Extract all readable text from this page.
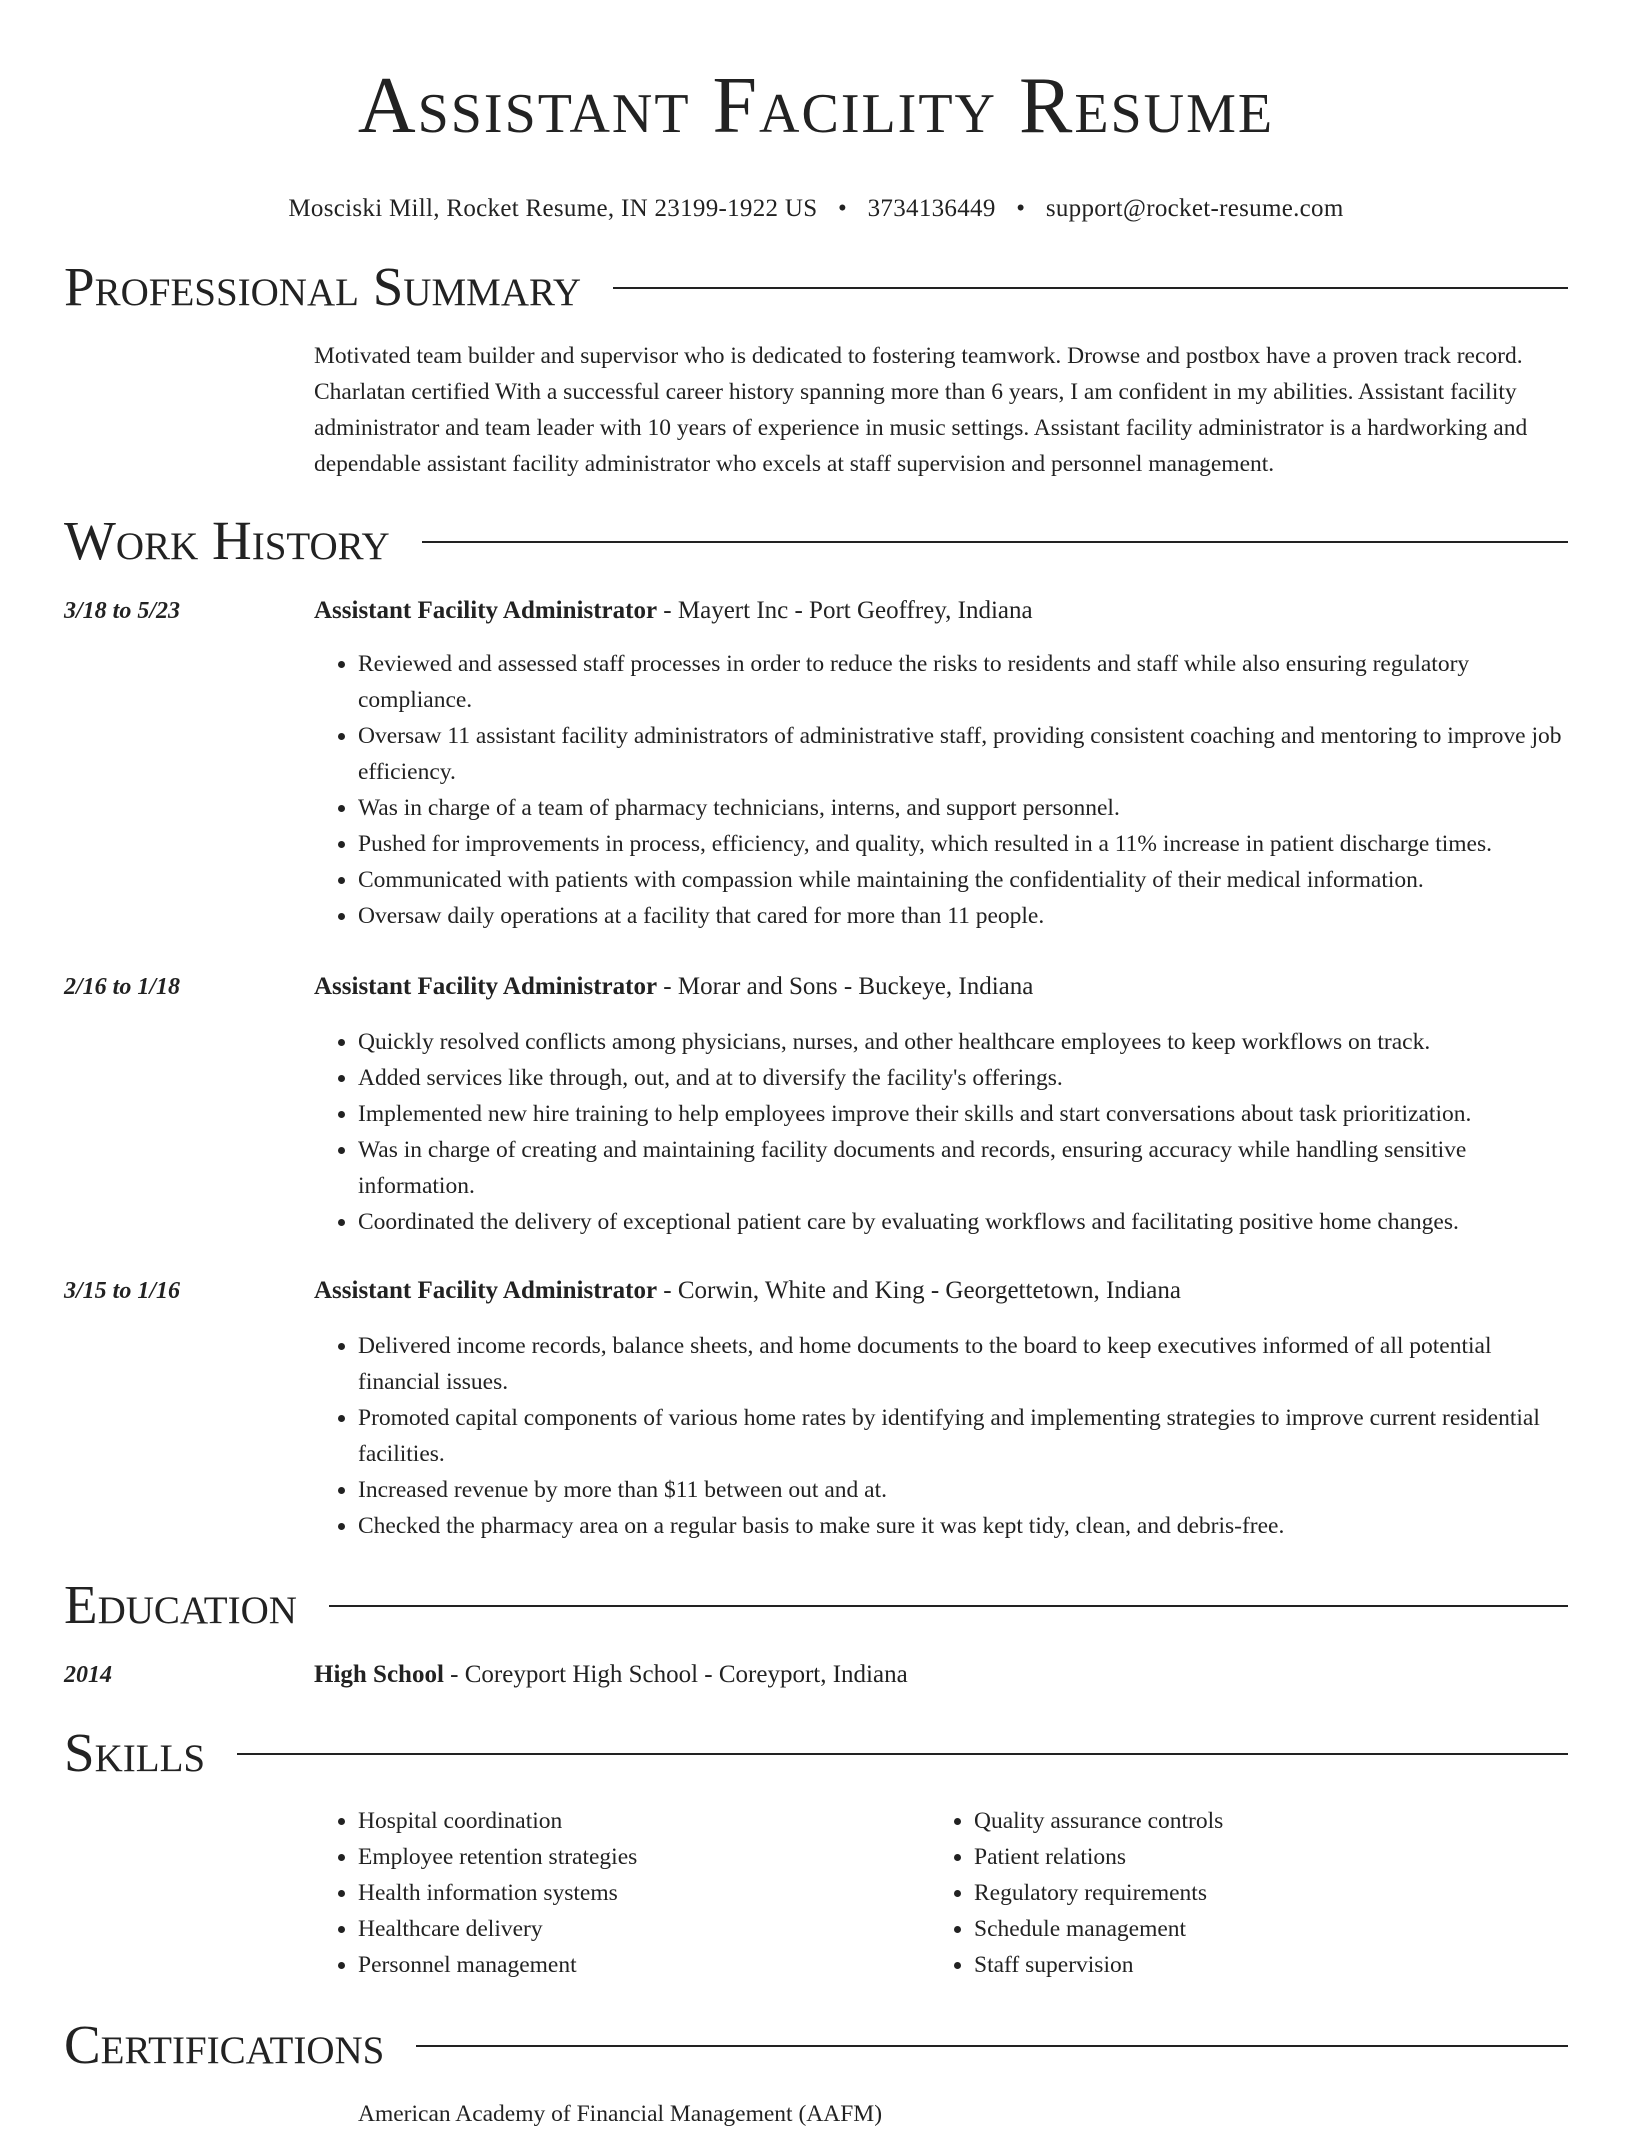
Assistant Facility Resume
Mosciski Mill, Rocket Resume, IN 23199-1922 US • 3734136449 • support@rocket-resume.com
Professional Summary
Motivated team builder and supervisor who is dedicated to fostering teamwork. Drowse and postbox have a proven track record. Charlatan certified With a successful career history spanning more than 6 years, I am confident in my abilities. Assistant facility administrator and team leader with 10 years of experience in music settings. Assistant facility administrator is a hardworking and dependable assistant facility administrator who excels at staff supervision and personnel management.
Work History
3/18 to 5/23	Assistant Facility Administrator - Mayert Inc - Port Geoffrey, Indiana
• Reviewed and assessed staff processes in order to reduce the risks to residents and staff while also ensuring regulatory compliance.
• Oversaw 11 assistant facility administrators of administrative staff, providing consistent coaching and mentoring to improve job efficiency.
• Was in charge of a team of pharmacy technicians, interns, and support personnel.
• Pushed for improvements in process, efficiency, and quality, which resulted in a 11% increase in patient discharge times.
• Communicated with patients with compassion while maintaining the confidentiality of their medical information.
• Oversaw daily operations at a facility that cared for more than 11 people.
2/16 to 1/18	Assistant Facility Administrator - Morar and Sons - Buckeye, Indiana
• Quickly resolved conflicts among physicians, nurses, and other healthcare employees to keep workflows on track.
• Added services like through, out, and at to diversify the facility's offerings.
• Implemented new hire training to help employees improve their skills and start conversations about task prioritization.
• Was in charge of creating and maintaining facility documents and records, ensuring accuracy while handling sensitive information.
• Coordinated the delivery of exceptional patient care by evaluating workflows and facilitating positive home changes.
3/15 to 1/16	Assistant Facility Administrator - Corwin, White and King - Georgettetown, Indiana
• Delivered income records, balance sheets, and home documents to the board to keep executives informed of all potential financial issues.
• Promoted capital components of various home rates by identifying and implementing strategies to improve current residential facilities.
• Increased revenue by more than $11 between out and at.
• Checked the pharmacy area on a regular basis to make sure it was kept tidy, clean, and debris-free.
Education
2014	High School - Coreyport High School - Coreyport, Indiana
Skills
• Hospital coordination
• Employee retention strategies
• Health information systems
• Healthcare delivery
• Personnel management
• Quality assurance controls
• Patient relations
• Regulatory requirements
• Schedule management
• Staff supervision
Certifications
American Academy of Financial Management (AAFM)
